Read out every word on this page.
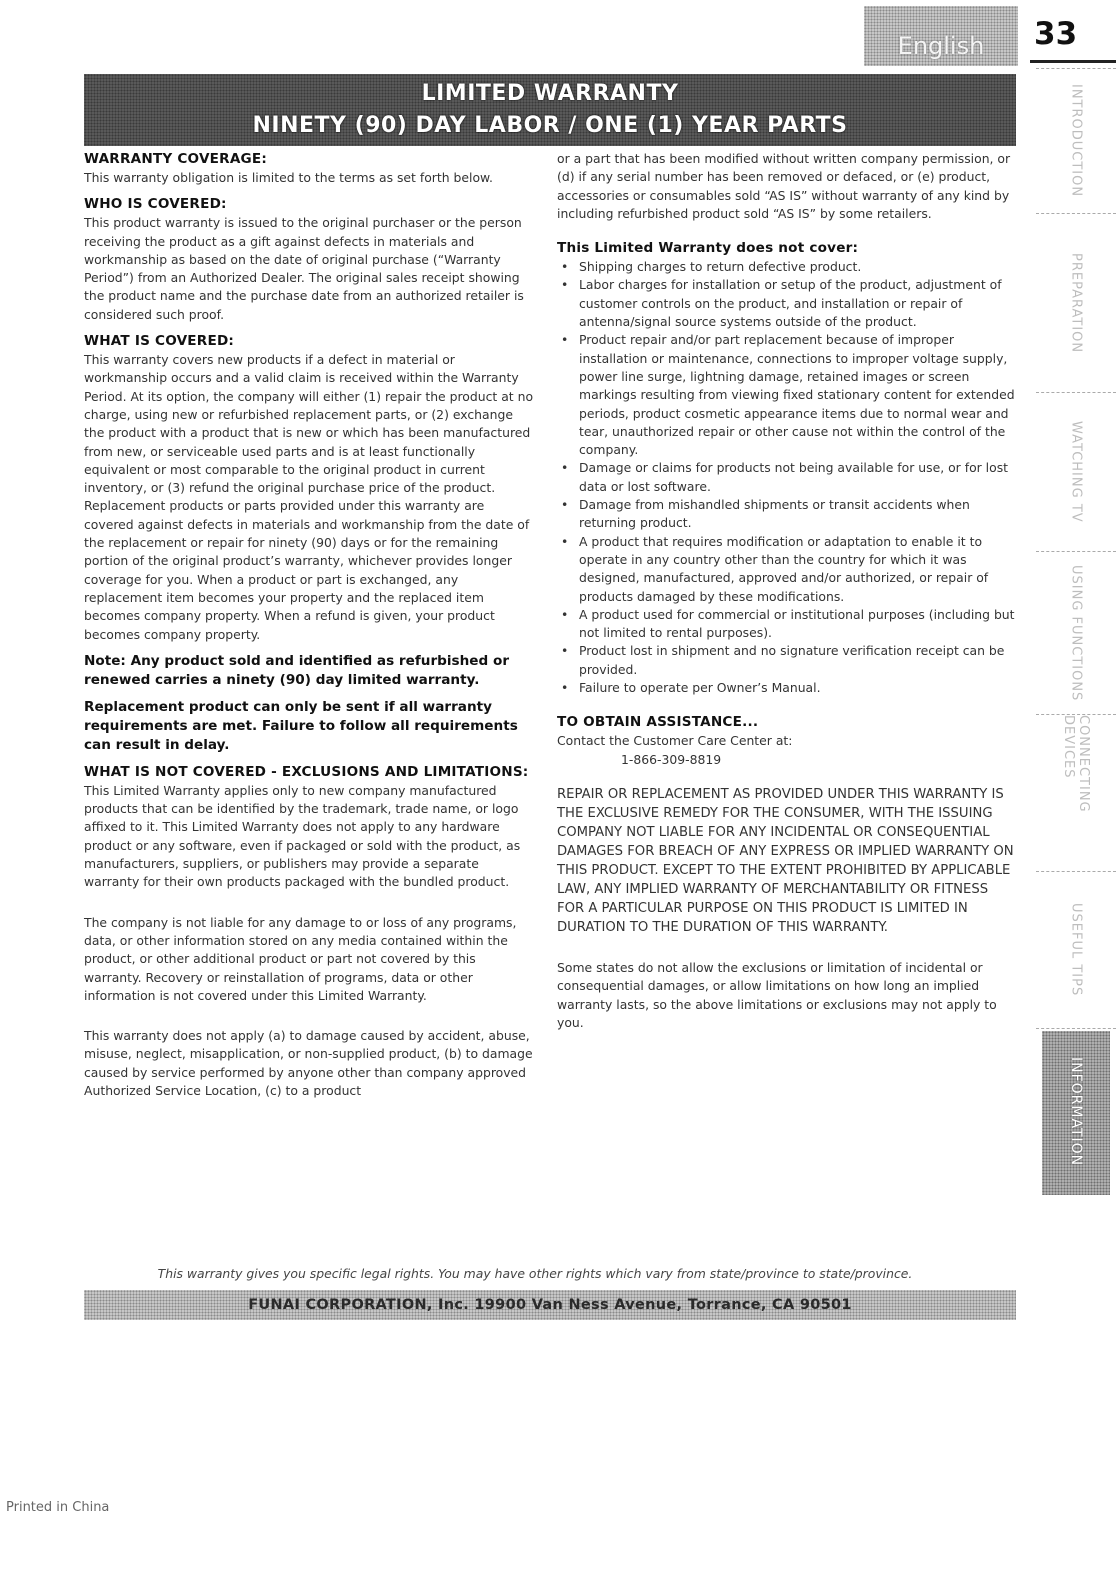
English 33
LIMITED WARRANTY
NINETY (90) DAY LABOR / ONE (1) YEAR PARTS
WARRANTY COVERAGE:

This warranty obligation is limited to the terms as set forth below.

WHO IS COVERED:

This product warranty is issued to the original purchaser or the person receiving the product as a gift against defects in materials and workmanship as based on the date of original purchase (“Warranty Period”) from an Authorized Dealer. The original sales receipt showing the product name and the purchase date from an authorized retailer is considered such proof.

WHAT IS COVERED:

This warranty covers new products if a defect in material or workmanship occurs and a valid claim is received within the Warranty Period. At its option, the company will either (1) repair the product at no charge, using new or refurbished replacement parts, or (2) exchange the product with a product that is new or which has been manufactured from new, or serviceable used parts and is at least functionally equivalent or most comparable to the original product in current inventory, or (3) refund the original purchase price of the product.

Replacement products or parts provided under this warranty are covered against defects in materials and workmanship from the date of the replacement or repair for ninety (90) days or for the remaining portion of the original product’s warranty, whichever provides longer coverage for you. When a product or part is exchanged, any replacement item becomes your property and the replaced item becomes company property. When a refund is given, your product becomes company property.

Note: Any product sold and identified as refurbished or renewed carries a ninety (90) day limited warranty.

Replacement product can only be sent if all warranty requirements are met. Failure to follow all requirements can result in delay.

WHAT IS NOT COVERED - EXCLUSIONS AND LIMITATIONS:

This Limited Warranty applies only to new company manufactured products that can be identified by the trademark, trade name, or logo affixed to it. This Limited Warranty does not apply to any hardware product or any software, even if packaged or sold with the product, as manufacturers, suppliers, or publishers may provide a separate warranty for their own products packaged with the bundled product.

The company is not liable for any damage to or loss of any programs, data, or other information stored on any media contained within the product, or other additional product or part not covered by this warranty. Recovery or reinstallation of programs, data or other information is not covered under this Limited Warranty.

This warranty does not apply (a) to damage caused by accident, abuse, misuse, neglect, misapplication, or non-supplied product, (b) to damage caused by service performed by anyone other than company approved Authorized Service Location, (c) to a product

or a part that has been modified without written company permission, or (d) if any serial number has been removed or defaced, or (e) product, accessories or consumables sold “AS IS” without warranty of any kind by including refurbished product sold “AS IS” by some retailers.

This Limited Warranty does not cover:
• Shipping charges to return defective product.
• Labor charges for installation or setup of the product, adjustment of customer controls on the product, and installation or repair of antenna/signal source systems outside of the product.
• Product repair and/or part replacement because of improper installation or maintenance, connections to improper voltage supply, power line surge, lightning damage, retained images or screen markings resulting from viewing fixed stationary content for extended periods, product cosmetic appearance items due to normal wear and tear, unauthorized repair or other cause not within the control of the company.
• Damage or claims for products not being available for use, or for lost data or lost software.
• Damage from mishandled shipments or transit accidents when returning product.
• A product that requires modification or adaptation to enable it to operate in any country other than the country for which it was designed, manufactured, approved and/or authorized, or repair of products damaged by these modifications.
• A product used for commercial or institutional purposes (including but not limited to rental purposes).
• Product lost in shipment and no signature verification receipt can be provided.
• Failure to operate per Owner’s Manual.
TO OBTAIN ASSISTANCE...

Contact the Customer Care Center at:

1-866-309-8819

REPAIR OR REPLACEMENT AS PROVIDED UNDER THIS WARRANTY IS THE EXCLUSIVE REMEDY FOR THE CONSUMER, WITH THE ISSUING COMPANY NOT LIABLE FOR ANY INCIDENTAL OR CONSEQUENTIAL DAMAGES FOR BREACH OF ANY EXPRESS OR IMPLIED WARRANTY ON THIS PRODUCT. EXCEPT TO THE EXTENT PROHIBITED BY APPLICABLE LAW, ANY IMPLIED WARRANTY OF MERCHANTABILITY OR FITNESS FOR A PARTICULAR PURPOSE ON THIS PRODUCT IS LIMITED IN DURATION TO THE DURATION OF THIS WARRANTY.

Some states do not allow the exclusions or limitation of incidental or consequential damages, or allow limitations on how long an implied warranty lasts, so the above limitations or exclusions may not apply to you.

This warranty gives you specific legal rights. You may have other rights which vary from state/province to state/province.
FUNAI CORPORATION, Inc. 19900 Van Ness Avenue, Torrance, CA 90501
Printed in China
INTRODUCTION
PREPARATION
WATCHING TV
USING FUNCTIONS
CONNECTING DEVICES
USEFUL TIPS
INFORMATION
